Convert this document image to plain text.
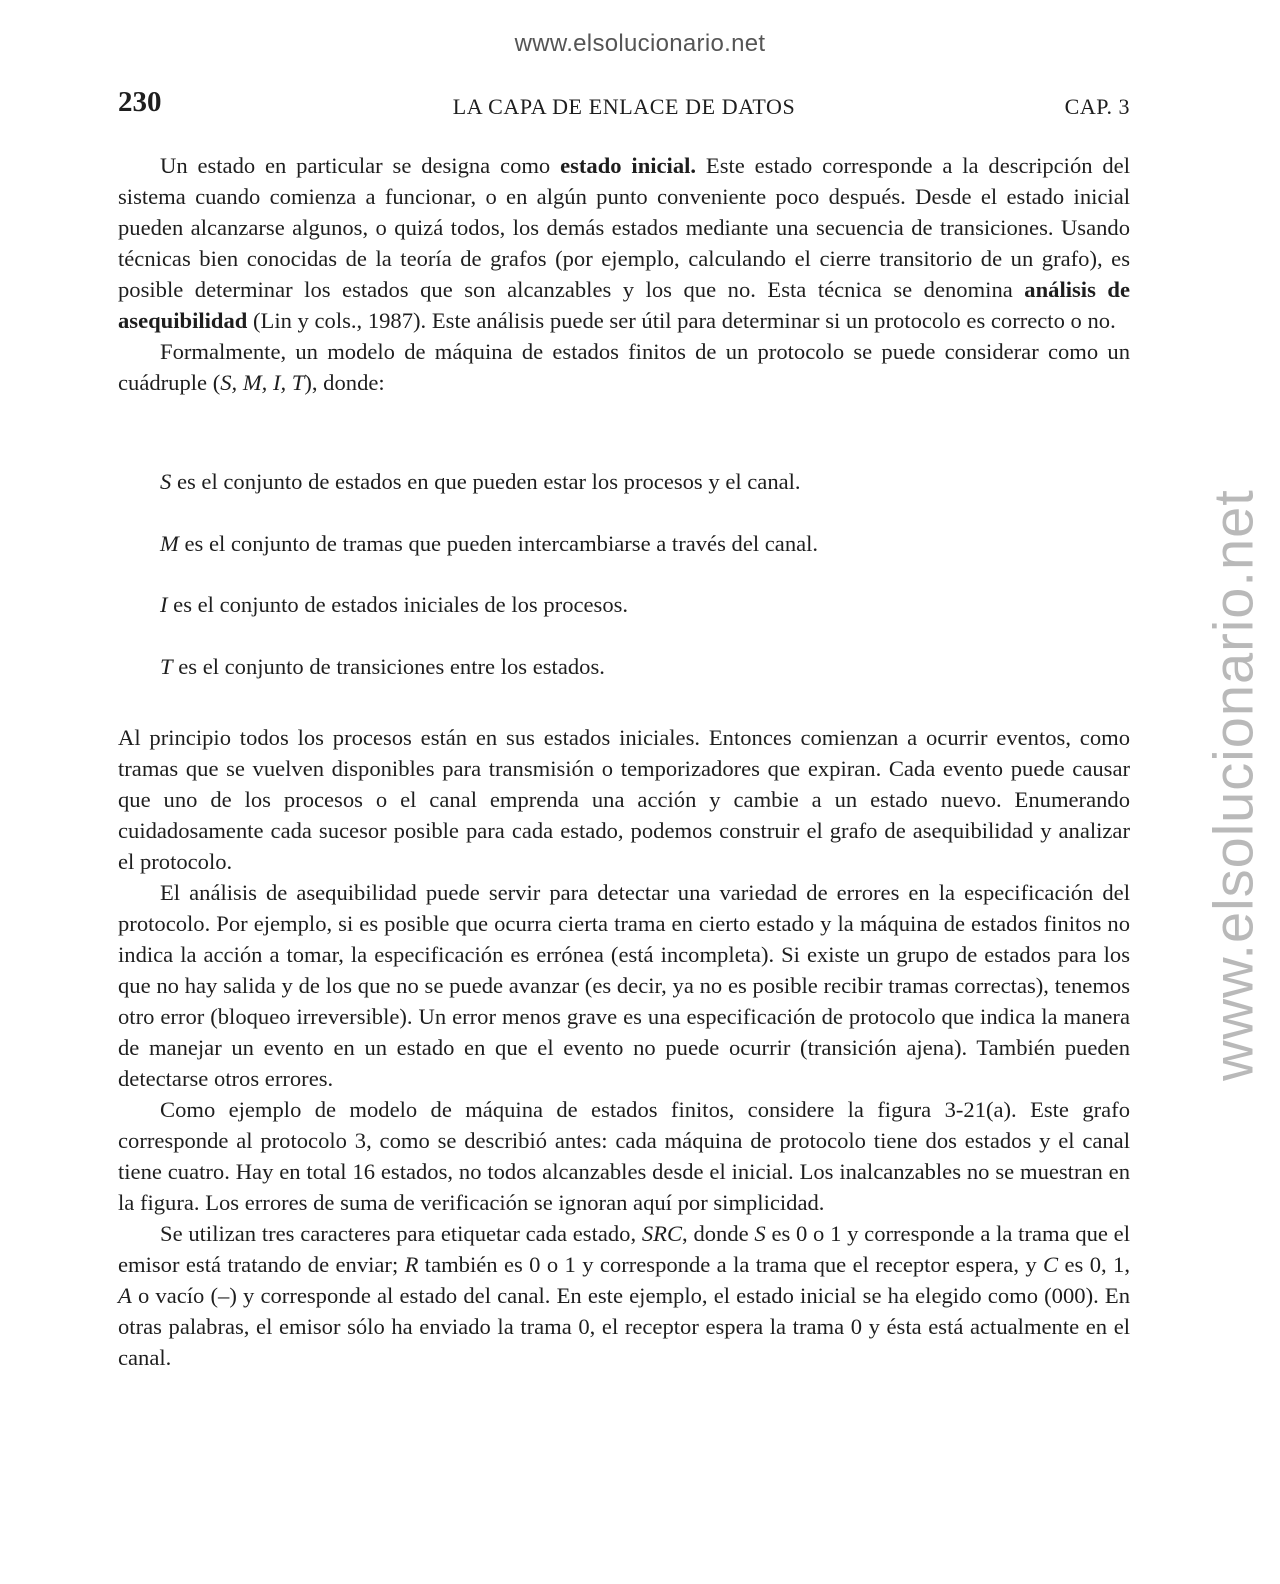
www.elsolucionario.net
www.elsolucionario.net
230	LA CAPA DE ENLACE DE DATOS	CAP. 3

Un estado en particular se designa como estado inicial. Este estado corresponde a la descripción del sistema cuando comienza a funcionar, o en algún punto conveniente poco después. Desde el estado inicial pueden alcanzarse algunos, o quizá todos, los demás estados mediante una secuencia de transiciones. Usando técnicas bien conocidas de la teoría de grafos (por ejemplo, calculando el cierre transitorio de un grafo), es posible determinar los estados que son alcanzables y los que no. Esta técnica se denomina análisis de asequibilidad (Lin y cols., 1987). Este análisis puede ser útil para determinar si un protocolo es correcto o no.

Formalmente, un modelo de máquina de estados finitos de un protocolo se puede considerar como un cuádruple (S, M, I, T), donde:

S es el conjunto de estados en que pueden estar los procesos y el canal.
M es el conjunto de tramas que pueden intercambiarse a través del canal.
I es el conjunto de estados iniciales de los procesos.
T es el conjunto de transiciones entre los estados.

Al principio todos los procesos están en sus estados iniciales. Entonces comienzan a ocurrir eventos, como tramas que se vuelven disponibles para transmisión o temporizadores que expiran. Cada evento puede causar que uno de los procesos o el canal emprenda una acción y cambie a un estado nuevo. Enumerando cuidadosamente cada sucesor posible para cada estado, podemos construir el grafo de asequibilidad y analizar el protocolo.

El análisis de asequibilidad puede servir para detectar una variedad de errores en la especificación del protocolo. Por ejemplo, si es posible que ocurra cierta trama en cierto estado y la máquina de estados finitos no indica la acción a tomar, la especificación es errónea (está incompleta). Si existe un grupo de estados para los que no hay salida y de los que no se puede avanzar (es decir, ya no es posible recibir tramas correctas), tenemos otro error (bloqueo irreversible). Un error menos grave es una especificación de protocolo que indica la manera de manejar un evento en un estado en que el evento no puede ocurrir (transición ajena). También pueden detectarse otros errores.

Como ejemplo de modelo de máquina de estados finitos, considere la figura 3-21(a). Este grafo corresponde al protocolo 3, como se describió antes: cada máquina de protocolo tiene dos estados y el canal tiene cuatro. Hay en total 16 estados, no todos alcanzables desde el inicial. Los inalcanzables no se muestran en la figura. Los errores de suma de verificación se ignoran aquí por simplicidad.

Se utilizan tres caracteres para etiquetar cada estado, SRC, donde S es 0 o 1 y corresponde a la trama que el emisor está tratando de enviar; R también es 0 o 1 y corresponde a la trama que el receptor espera, y C es 0, 1, A o vacío (–) y corresponde al estado del canal. En este ejemplo, el estado inicial se ha elegido como (000). En otras palabras, el emisor sólo ha enviado la trama 0, el receptor espera la trama 0 y ésta está actualmente en el canal.
